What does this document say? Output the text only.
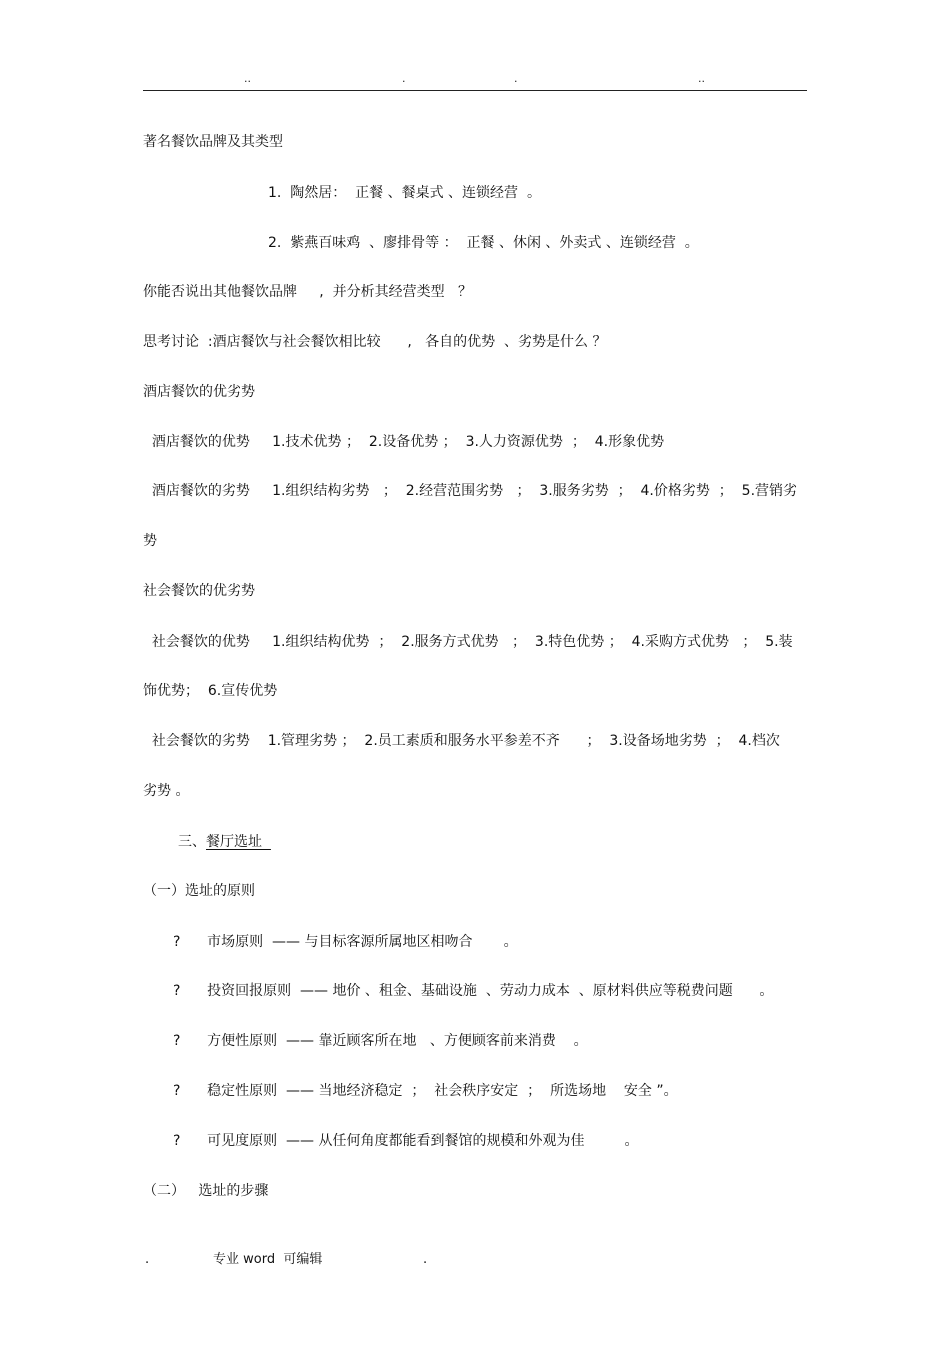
..	.	.	..
著名餐饮品牌及其类型
1.  陶然居：  正餐 、餐桌式 、连锁经营  。
2.  紫燕百味鸡  、廖排骨等 ：  正餐 、休闲 、外卖式 、连锁经营  。
你能否说出其他餐饮品牌     ,  并分析其经营类型   ？
思考讨论  :酒店餐饮与社会餐饮相比较      ,   各自的优势  、劣势是什么 ？
酒店餐饮的优劣势
酒店餐饮的优势     1.技术优势 ；  2.设备优势 ；  3.人力资源优势  ；  4.形象优势
酒店餐饮的劣势     1.组织结构劣势   ；  2.经营范围劣势   ；  3.服务劣势  ；  4.价格劣势  ；  5.营销劣
势
社会餐饮的优劣势
社会餐饮的优势     1.组织结构优势  ；  2.服务方式优势   ；  3.特色优势 ；  4.采购方式优势   ；  5.装
饰优势；  6.宣传优势
社会餐饮的劣势    1.管理劣势 ；  2.员工素质和服务水平参差不齐      ；  3.设备场地劣势  ；  4.档次
劣势 。
三、餐厅选址
（一）选址的原则
?      市场原则  —— 与目标客源所属地区相吻合       。
?      投资回报原则  —— 地价 、租金、基础设施  、劳动力成本  、原材料供应等税费问题      。
?      方便性原则  —— 靠近顾客所在地   、方便顾客前来消费    。
?      稳定性原则  —— 当地经济稳定  ；  社会秩序安定  ；  所选场地    安全 ”。
?      可见度原则  —— 从任何角度都能看到餐馆的规模和外观为佳         。
（二）   选址的步骤
.	专业 word  可编辑	.
